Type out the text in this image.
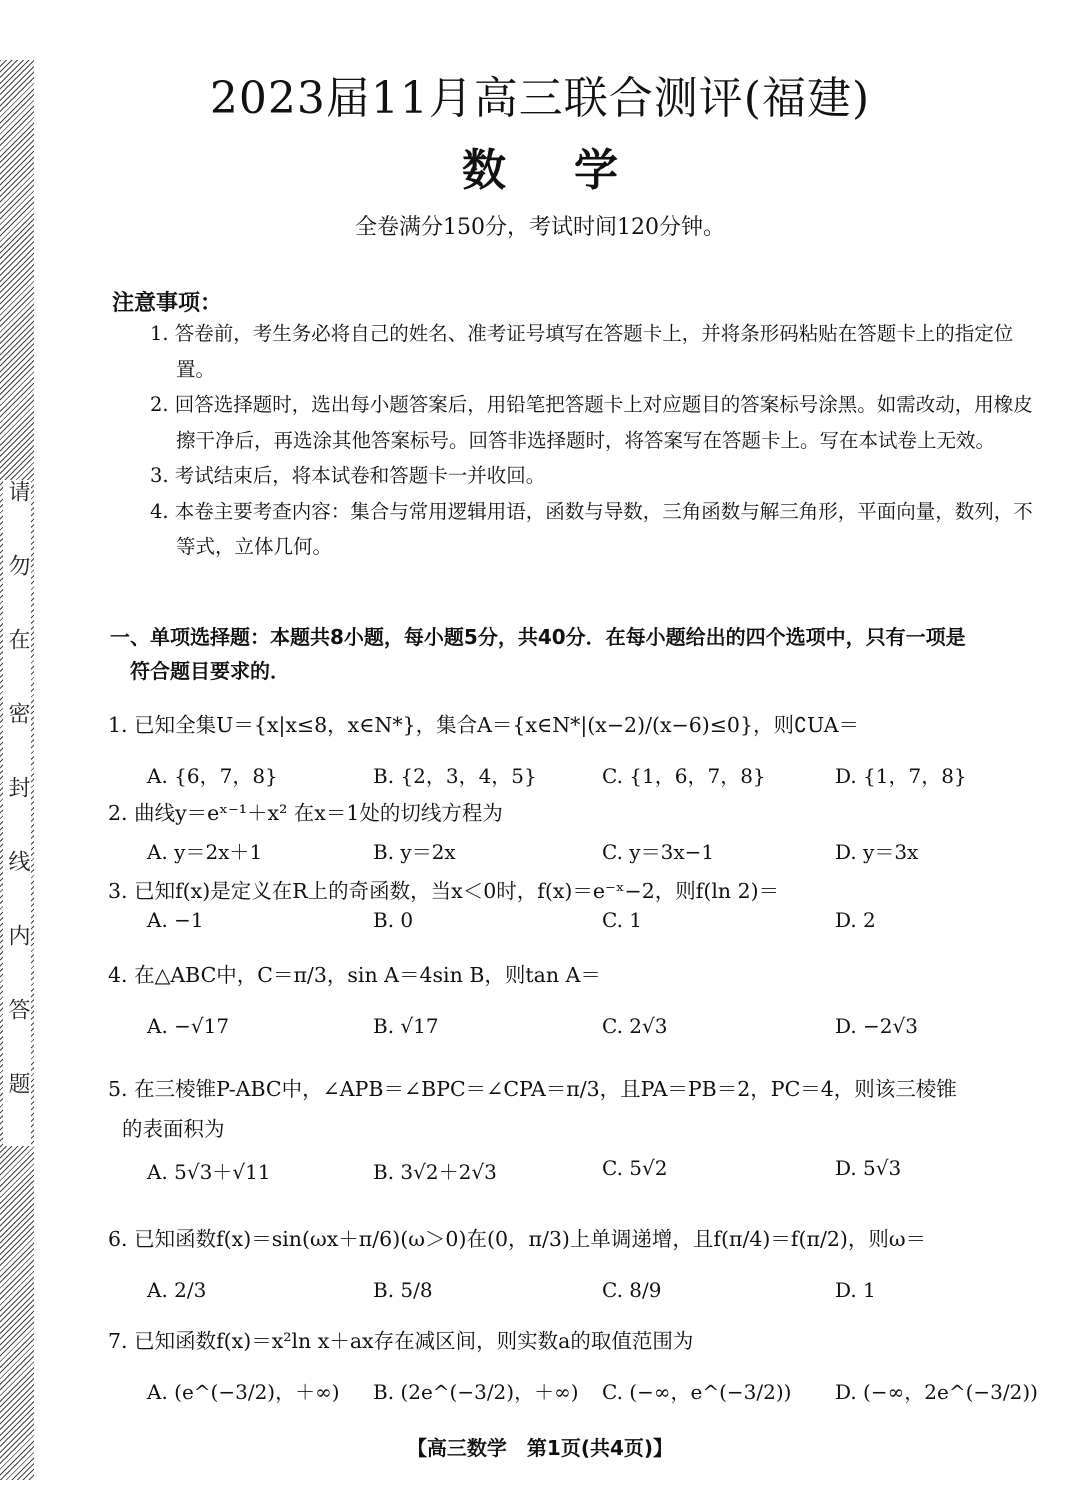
请勿在密封线内答题
2023届11月高三联合测评(福建)
数学
全卷满分150分，考试时间120分钟。
注意事项：

1. 答卷前，考生务必将自己的姓名、准考证号填写在答题卡上，并将条形码粘贴在答题卡上的指定位置。

2. 回答选择题时，选出每小题答案后，用铅笔把答题卡上对应题目的答案标号涂黑。如需改动，用橡皮擦干净后，再选涂其他答案标号。回答非选择题时，将答案写在答题卡上。写在本试卷上无效。

3. 考试结束后，将本试卷和答题卡一并收回。

4. 本卷主要考查内容：集合与常用逻辑用语，函数与导数，三角函数与解三角形，平面向量，数列，不等式，立体几何。

一、单项选择题：本题共8小题，每小题5分，共40分．在每小题给出的四个选项中，只有一项是
符合题目要求的．
1. 已知全集U＝{x|x≤8，x∈N*}，集合A＝{x∈N*|(x−2)/(x−6)≤0}，则∁UA＝
A. {6，7，8}	B. {2，3，4，5}	C. {1，6，7，8}	D. {1，7，8}
2. 曲线y＝eˣ⁻¹＋x² 在x＝1处的切线方程为
A. y＝2x＋1	B. y＝2x	C. y＝3x−1	D. y＝3x
3. 已知f(x)是定义在R上的奇函数，当x＜0时，f(x)＝e⁻ˣ−2，则f(ln 2)＝
A. −1	B. 0	C. 1	D. 2
4. 在△ABC中，C＝π/3，sin A＝4sin B，则tan A＝
A. −√17	B. √17	C. 2√3	D. −2√3
5. 在三棱锥P-ABC中，∠APB＝∠BPC＝∠CPA＝π/3，且PA＝PB＝2，PC＝4，则该三棱锥
的表面积为
A. 5√3＋√11	B. 3√2＋2√3	C. 5√2	D. 5√3
6. 已知函数f(x)＝sin(ωx＋π/6)(ω＞0)在(0，π/3)上单调递增，且f(π/4)＝f(π/2)，则ω＝
A. 2/3	B. 5/8	C. 8/9	D. 1
7. 已知函数f(x)＝x²ln x＋ax存在减区间，则实数a的取值范围为
A. (e^(−3/2)，＋∞) B. (2e^(−3/2)，＋∞) C. (−∞，e^(−3/2)) D. (−∞，2e^(−3/2))
【高三数学　第1页(共4页)】
